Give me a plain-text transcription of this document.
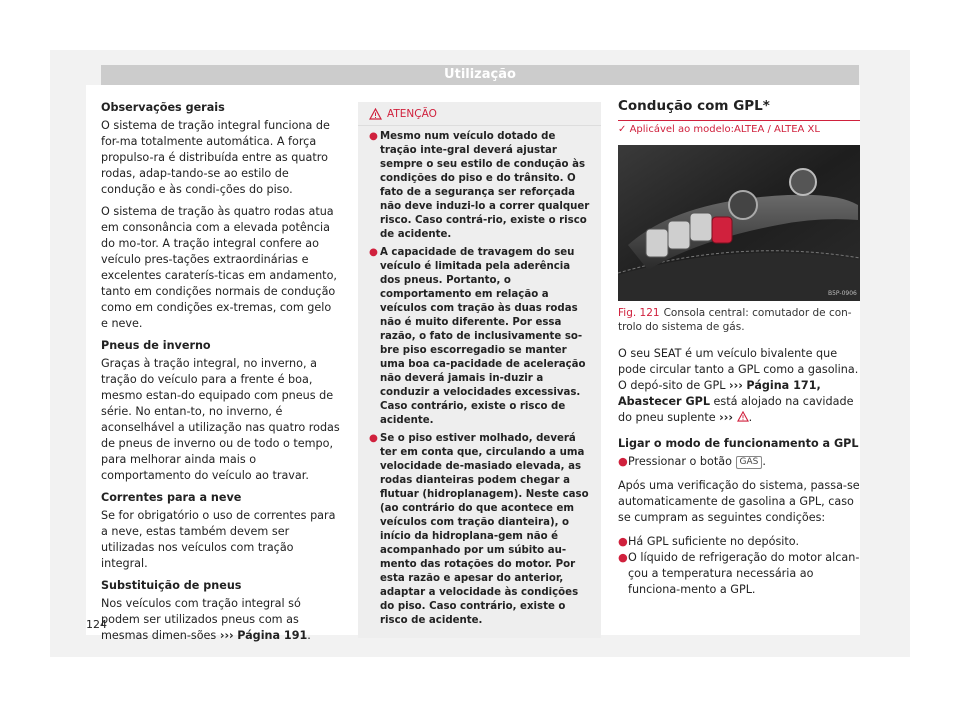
Utilização
Observações gerais
O sistema de tração integral funciona de for-ma totalmente automática. A força propulso-ra é distribuída entre as quatro rodas, adap-tando-se ao estilo de condução e às condi-ções do piso.
O sistema de tração às quatro rodas atua em consonância com a elevada potência do mo-tor. A tração integral confere ao veículo pres-tações extraordinárias e excelentes caraterís-ticas em andamento, tanto em condições normais de condução como em condições ex-tremas, com gelo e neve.
Pneus de inverno
Graças à tração integral, no inverno, a tração do veículo para a frente é boa, mesmo estan-do equipado com pneus de série. No entan-to, no inverno, é aconselhável a utilização nas quatro rodas de pneus de inverno ou de todo o tempo, para melhorar ainda mais o comportamento do veículo ao travar.
Correntes para a neve
Se for obrigatório o uso de correntes para a neve, estas também devem ser utilizadas nos veículos com tração integral.
Substituição de pneus
Nos veículos com tração integral só podem ser utilizados pneus com as mesmas dimen-sões ››› Página 191.
ATENÇÃO
● Mesmo num veículo dotado de tração inte-gral deverá ajustar sempre o seu estilo de condução às condições do piso e do trânsito. O fato de a segurança ser reforçada não deve induzi-lo a correr qualquer risco. Caso contrá-rio, existe o risco de acidente.
● A capacidade de travagem do seu veículo é limitada pela aderência dos pneus. Portanto, o comportamento em relação a veículos com tração às duas rodas não é muito diferente. Por essa razão, o fato de inclusivamente so-bre piso escorregadio se manter uma boa ca-pacidade de aceleração não deverá jamais in-duzir a conduzir a velocidades excessivas. Caso contrário, existe o risco de acidente.
● Se o piso estiver molhado, deverá ter em conta que, circulando a uma velocidade de-masiado elevada, as rodas dianteiras podem chegar a flutuar (hidroplanagem). Neste caso (ao contrário do que acontece em veículos com tração dianteira), o início da hidroplana-gem não é acompanhado por um súbito au-mento das rotações do motor. Por esta razão e apesar do anterior, adaptar a velocidade às condições do piso. Caso contrário, existe o risco de acidente.
Condução com GPL*
✓ Aplicável ao modelo:ALTEA / ALTEA XL
B5P-0906
Fig. 121 Consola central: comutador de con-trolo do sistema de gás.
O seu SEAT é um veículo bivalente que pode circular tanto a GPL como a gasolina. O depó-sito de GPL ››› Página 171, Abastecer GPL está alojado na cavidade do pneu suplente ››› .
Ligar o modo de funcionamento a GPL
● Pressionar o botão GAS .
Após uma verificação do sistema, passa-se automaticamente de gasolina a GPL, caso se cumpram as seguintes condições:
● Há GPL suficiente no depósito.
● O líquido de refrigeração do motor alcan-çou a temperatura necessária ao funciona-mento a GPL.
124
